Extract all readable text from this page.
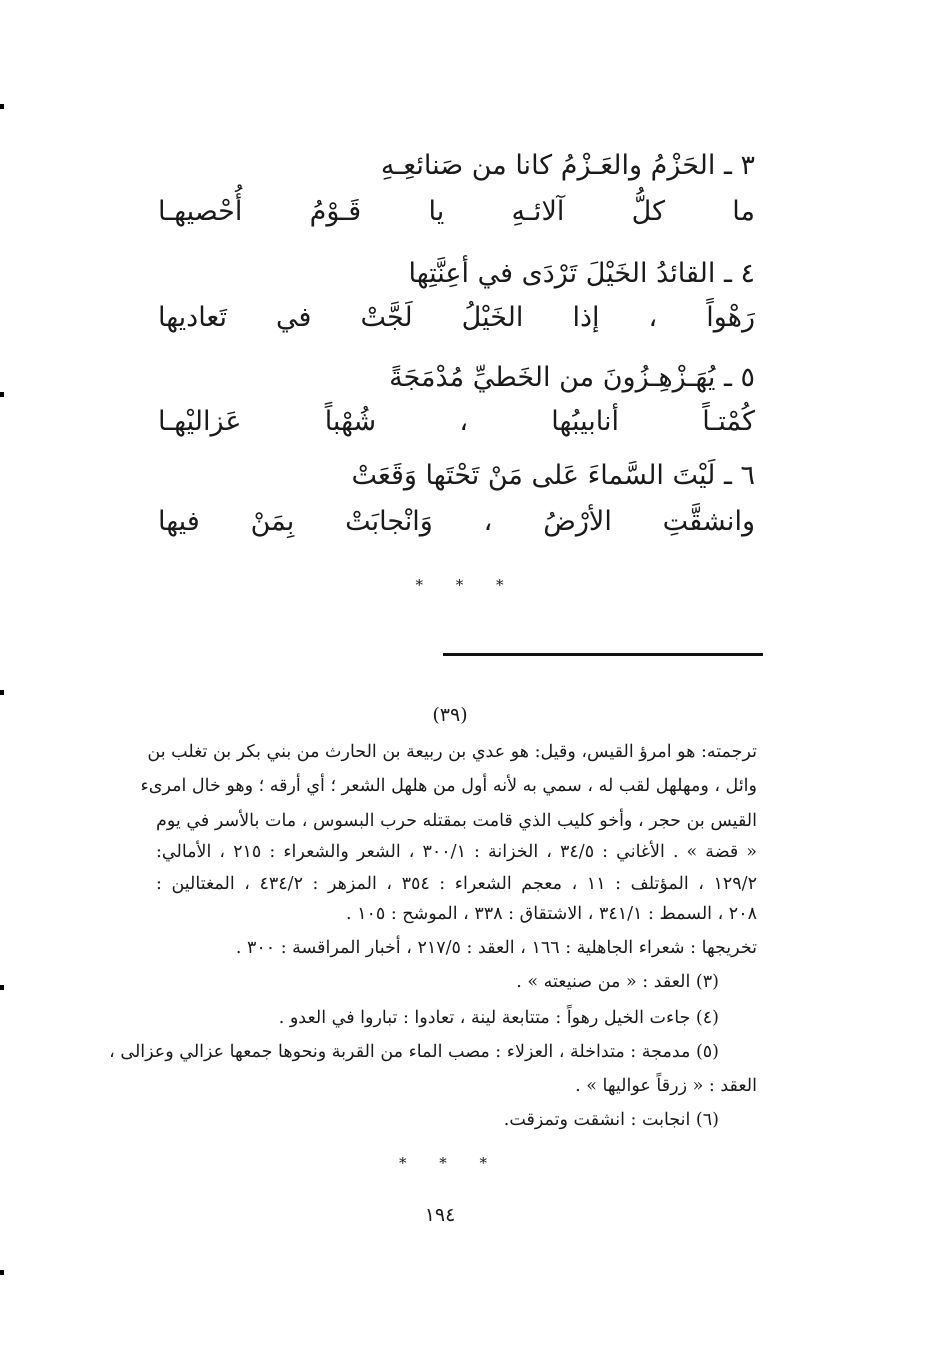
٣ ـ الحَزْمُ والعَـزْمُ كانا من صَنائعِـهِ
ما كلُّ آلائـهِ يا قَـوْمُ أُحْصيهـا
٤ ـ القائدُ الخَيْلَ تَرْدَى في أعِنَّتِها
رَهْواً ، إذا الخَيْلُ لَجَّتْ في تَعاديها
٥ ـ يُهَـزْهِـزُونَ من الخَطيِّ مُدْمَجَةً
كُمْتـاً أنابيبُها ، شُهْباً عَزاليْهـا
٦ ـ لَيْتَ السَّماءَ عَلى مَنْ تَحْتَها وَقَعَتْ
وانشقَّتِ الأرْضُ ، وَانْجابَتْ بِمَنْ فيها
* * *
(٣٩)
ترجمته: هو امرؤ القيس، وقيل: هو عدي بن ربيعة بن الحارث من بني بكر بن تغلب بن
وائل ، ومهلهل لقب له ، سمي به لأنه أول من هلهل الشعر ؛ أي أرقه ؛ وهو خال امرىء
القيس بن حجر ، وأخو كليب الذي قامت بمقتله حرب البسوس ، مات بالأسر في يوم
« قضة » . الأغاني : ٣٤/٥ ، الخزانة : ٣٠٠/١ ، الشعر والشعراء : ٢١٥ ، الأمالي:
١٢٩/٢ ، المؤتلف : ١١ ، معجم الشعراء : ٣٥٤ ، المزهر : ٤٣٤/٢ ، المغتالين :
٢٠٨ ، السمط : ٣٤١/١ ، الاشتقاق : ٣٣٨ ، الموشح : ١٠٥ .
تخريجها : شعراء الجاهلية : ١٦٦ ، العقد : ٢١٧/٥ ، أخبار المراقسة : ٣٠٠ .
(٣) العقد : « من صنيعته » .
(٤) جاءت الخيل رهواً : متتابعة لينة ، تعادوا : تباروا في العدو .
(٥) مدمجة : متداخلة ، العزلاء : مصب الماء من القربة ونحوها جمعها عزالي وعزالى ،
العقد : « زرقاً عواليها » .
(٦) انجابت : انشقت وتمزقت.
* * *
١٩٤
